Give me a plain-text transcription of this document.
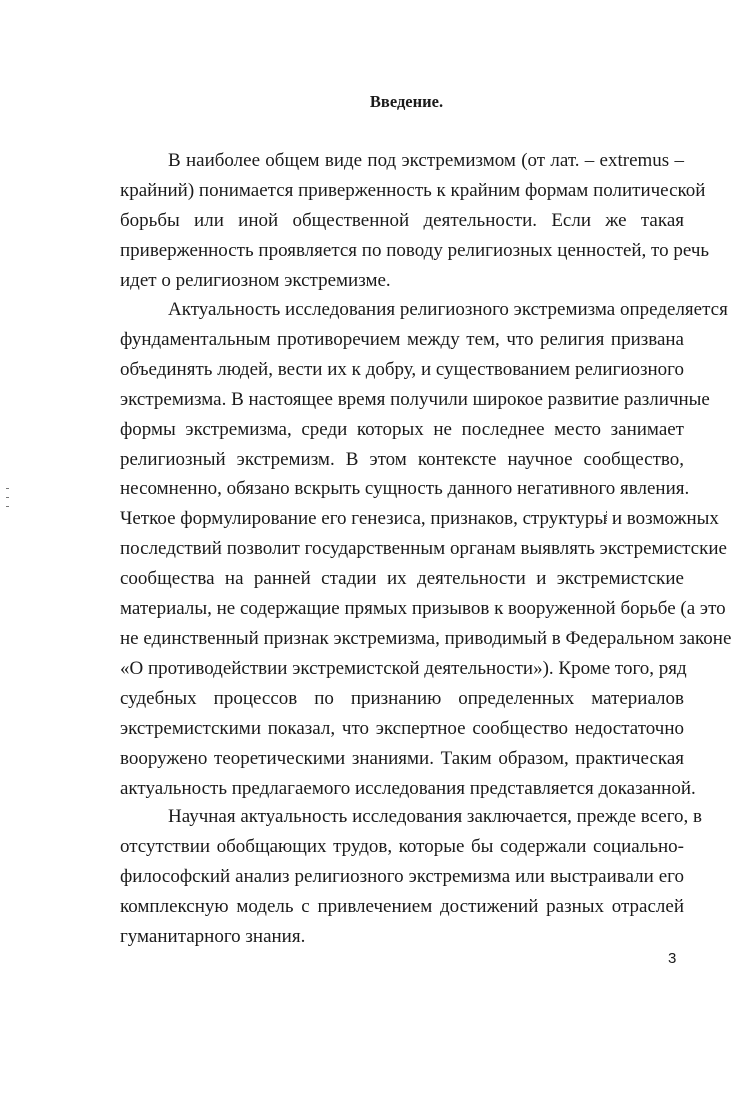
Введение.
В наиболее общем виде под экстремизмом (от лат. – extremus –
крайний) понимается приверженность к крайним формам политической
борьбы или иной общественной деятельности. Если же такая
приверженность проявляется по поводу религиозных ценностей, то речь
идет о религиозном экстремизме.
Актуальность исследования религиозного экстремизма определяется
фундаментальным противоречием между тем, что религия призвана
объединять людей, вести их к добру, и существованием религиозного
экстремизма. В настоящее время получили широкое развитие различные
формы экстремизма, среди которых не последнее место занимает
религиозный экстремизм. В этом контексте научное сообщество,
несомненно, обязано вскрыть сущность данного негативного явления.
Четкое формулирование его генезиса, признаков, структуры и возможных
последствий позволит государственным органам выявлять экстремистские
сообщества на ранней стадии их деятельности и экстремистские
материалы, не содержащие прямых призывов к вооруженной борьбе (а это
не единственный признак экстремизма, приводимый в Федеральном законе
«О противодействии экстремистской деятельности»). Кроме того, ряд
судебных процессов по признанию определенных материалов
экстремистскими показал, что экспертное сообщество недостаточно
вооружено теоретическими знаниями. Таким образом, практическая
актуальность предлагаемого исследования представляется доказанной.
Научная актуальность исследования заключается, прежде всего, в
отсутствии обобщающих трудов, которые бы содержали социально-
философский анализ религиозного экстремизма или выстраивали его
комплексную модель с привлечением достижений разных отраслей
гуманитарного знания.
3
